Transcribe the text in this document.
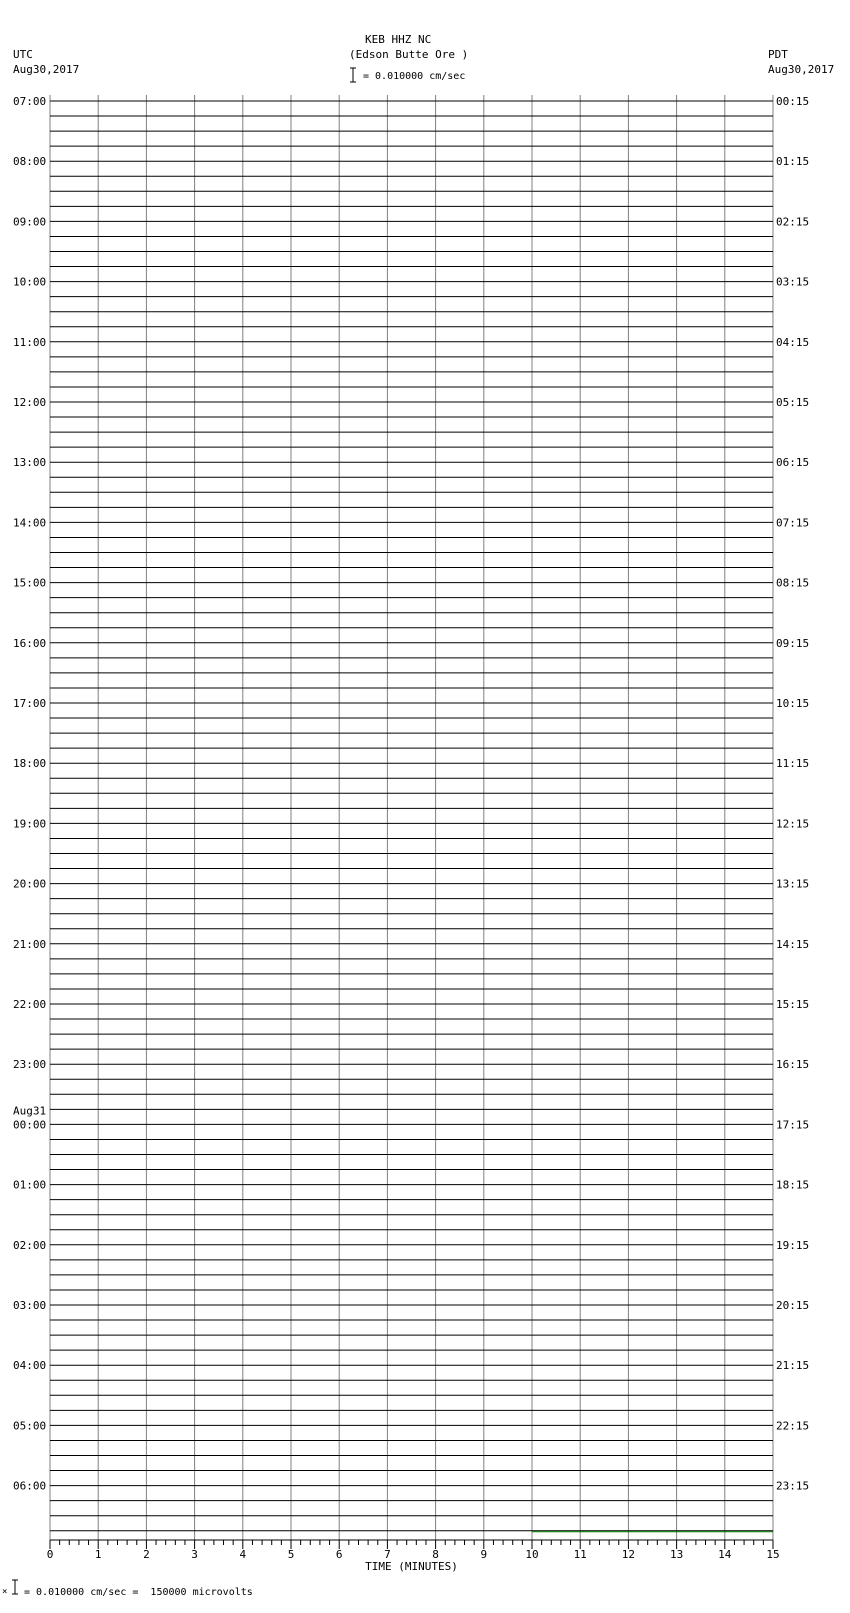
KEB HHZ NC
(Edson Butte Ore )
UTC
Aug30,2017
PDT
Aug30,2017
= 0.010000 cm/sec
07:00
08:00
09:00
10:00
11:00
12:00
13:00
14:00
15:00
16:00
17:00
18:00
19:00
20:00
21:00
22:00
23:00
00:00
Aug31
01:00
02:00
03:00
04:00
05:00
06:00
00:15
01:15
02:15
03:15
04:15
05:15
06:15
07:15
08:15
09:15
10:15
11:15
12:15
13:15
14:15
15:15
16:15
17:15
18:15
19:15
20:15
21:15
22:15
23:15
0	1	2	3	4	5	6	7	8	9	10	11	12	13	14	15
TIME (MINUTES)
× = 0.010000 cm/sec =  150000 microvolts
